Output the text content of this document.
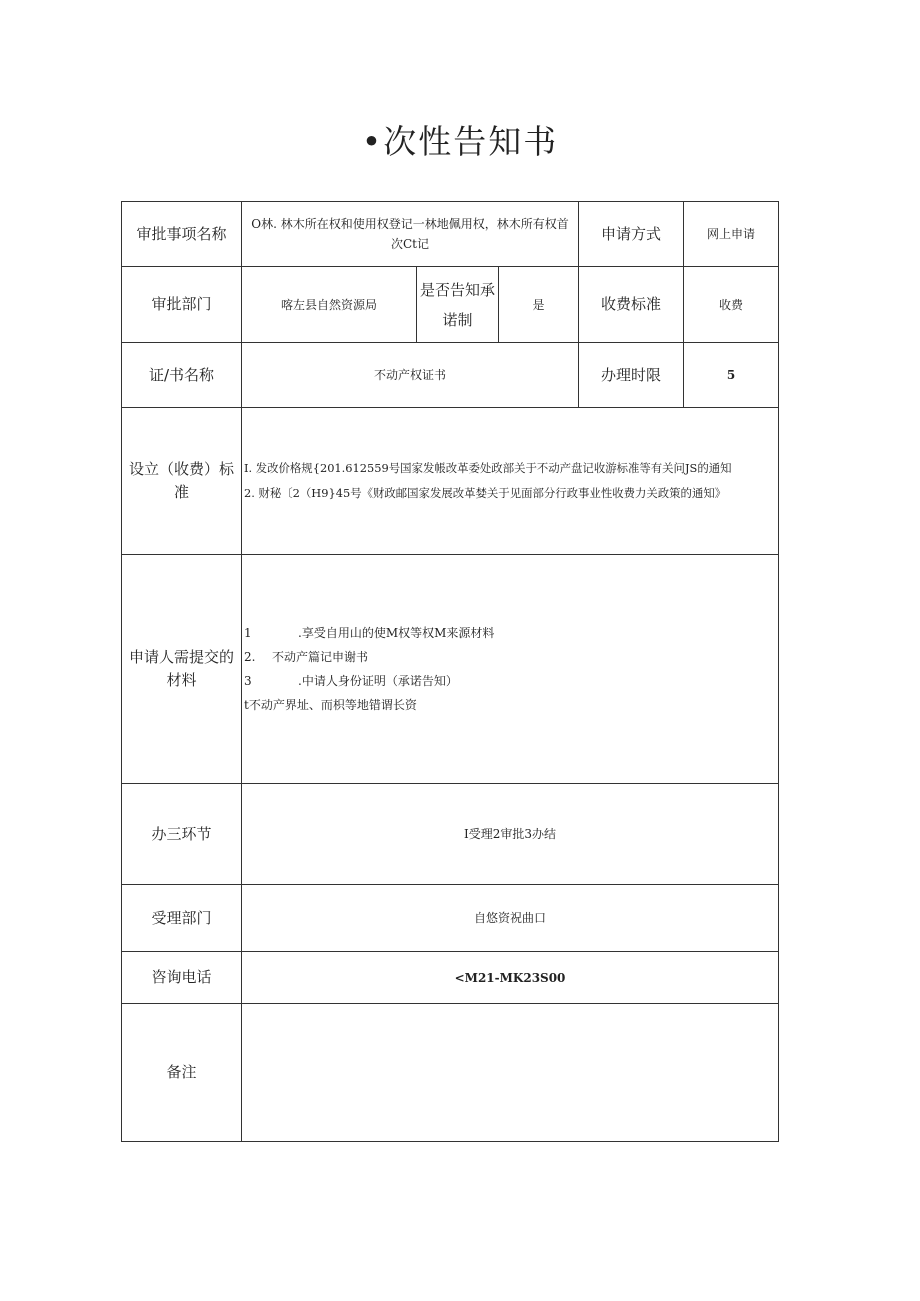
•次性告知书
审批事项名称	O林. 林木所在权和使用权登记一林地佩用权，林木所有权首次Ct记			申请方式	网上申请
审批部门	喀左县自然资源局	是否告知承诺制	是	收费标准	收费
证/书名称	不动产权证书			办理时限	5
设立（收费）标准	I. 发改价格规{201.612559号国家发帳改革委处政部关于不动产盘记收游标准等有关问JS的通知
2. 财秘〔2（H9}45号《财政邮国家发展改革婪关于见面部分行政事业性收费力关政策的通知》				

申请人需提交的材料	1 .享受自用山的使M权等权M来源材料
2. 不动产篇记申谢书
3 .中请人身份证明（承诺告知）
t不动产界址、而枳等地错谓长资				

办三环节	I受理2审批3办结				
受理部门	自悠资祝曲口				
咨询电话	<M21-MK23S00				
备注					
